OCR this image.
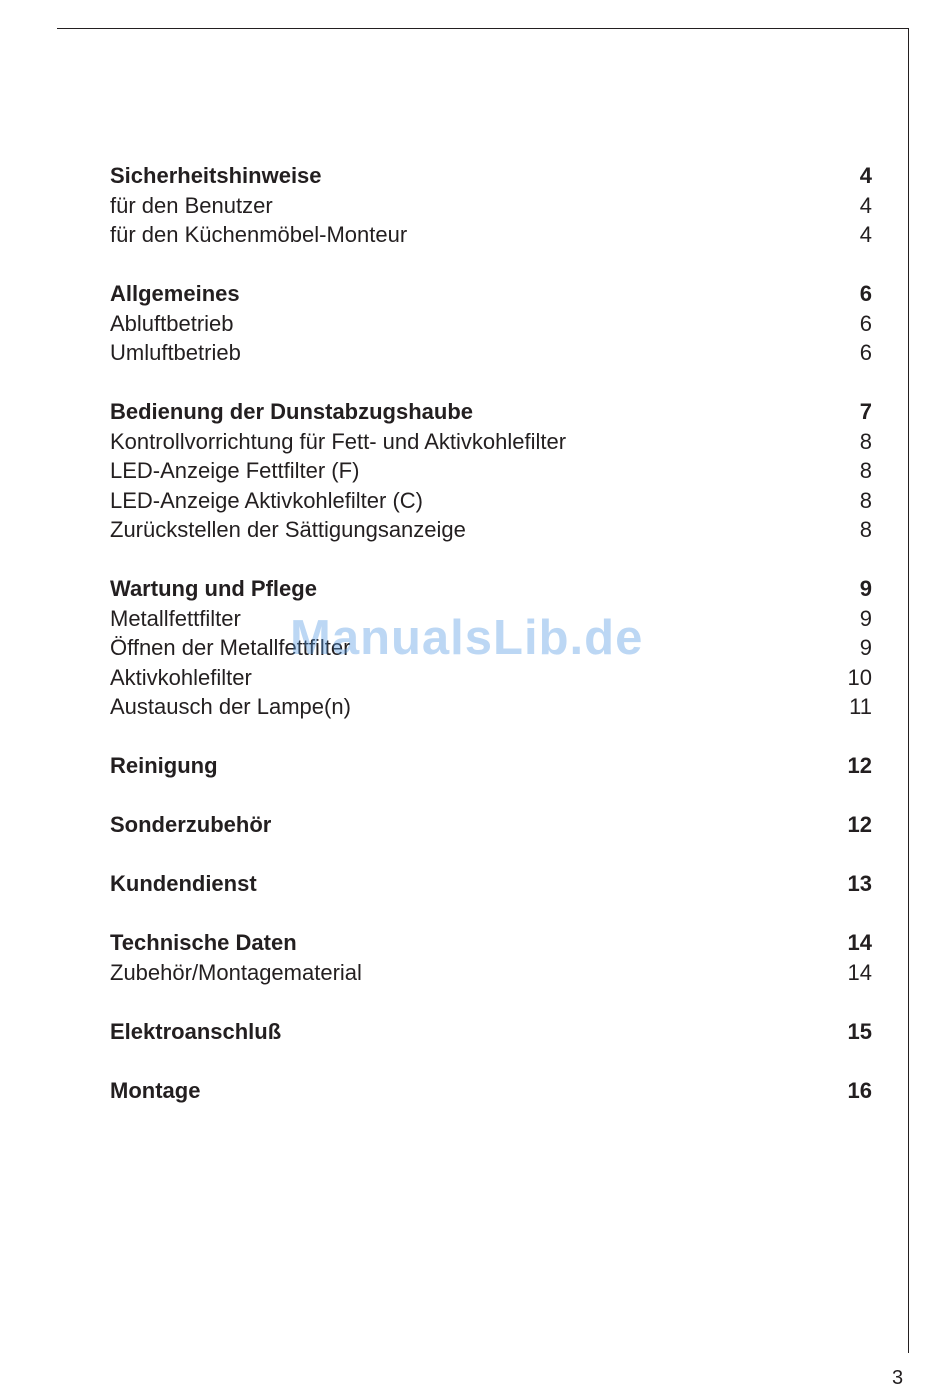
Sicherheitshinweise	4
für den Benutzer	4
für den Küchenmöbel-Monteur	4
Allgemeines	6
Abluftbetrieb	6
Umluftbetrieb	6
Bedienung der Dunstabzugshaube	7
Kontrollvorrichtung für Fett- und Aktivkohlefilter	8
LED-Anzeige Fettfilter (F)	8
LED-Anzeige Aktivkohlefilter (C)	8
Zurückstellen der Sättigungsanzeige	8
Wartung und Pflege	9
Metallfettfilter	9
Öffnen der Metallfettfilter	9
Aktivkohlefilter	10
Austausch der Lampe(n)	11
Reinigung	12
Sonderzubehör	12
Kundendienst	13
Technische Daten	14
Zubehör/Montagematerial	14
Elektroanschluß	15
Montage	16
ManualsLib.de
3
